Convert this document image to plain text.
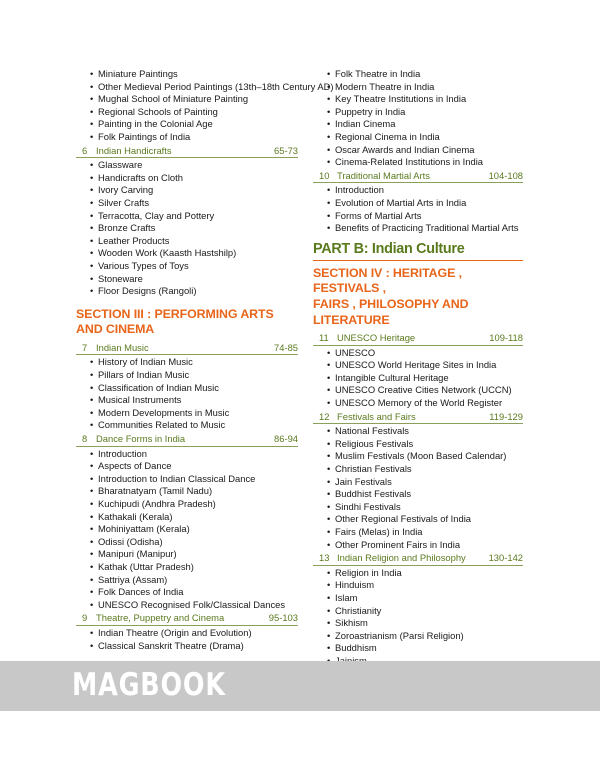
• Miniature Paintings
• Other Medieval Period Paintings (13th–18th Century AD)
• Mughal School of Miniature Painting
• Regional Schools of Painting
• Painting in the Colonial Age
• Folk Paintings of India
6 Indian Handicrafts	65-73
• Glassware
• Handicrafts on Cloth
• Ivory Carving
• Silver Crafts
• Terracotta, Clay and Pottery
• Bronze Crafts
• Leather Products
• Wooden Work (Kaasth Hastshilp)
• Various Types of Toys
• Stoneware
• Floor Designs (Rangoli)
SECTION III : PERFORMING ARTS
AND CINEMA
7 Indian Music	74-85
• History of Indian Music
• Pillars of Indian Music
• Classification of Indian Music
• Musical Instruments
• Modern Developments in Music
• Communities Related to Music
8 Dance Forms in India	86-94
• Introduction
• Aspects of Dance
• Introduction to Indian Classical Dance
• Bharatnatyam (Tamil Nadu)
• Kuchipudi (Andhra Pradesh)
• Kathakali (Kerala)
• Mohiniyattam (Kerala)
• Odissi (Odisha)
• Manipuri (Manipur)
• Kathak (Uttar Pradesh)
• Sattriya (Assam)
• Folk Dances of India
• UNESCO Recognised Folk/Classical Dances
9 Theatre, Puppetry and Cinema	95-103
• Indian Theatre (Origin and Evolution)
• Classical Sanskrit Theatre (Drama)
• Folk Theatre in India
• Modern Theatre in India
• Key Theatre Institutions in India
• Puppetry in India
• Indian Cinema
• Regional Cinema in India
• Oscar Awards and Indian Cinema
• Cinema-Related Institutions in India
10 Traditional Martial Arts	104-108
• Introduction
• Evolution of Martial Arts in India
• Forms of Martial Arts
• Benefits of Practicing Traditional Martial Arts
PART B: Indian Culture
SECTION IV : HERITAGE , FESTIVALS ,
FAIRS , PHILOSOPHY AND LITERATURE
11 UNESCO Heritage	109-118
• UNESCO
• UNESCO World Heritage Sites in India
• Intangible Cultural Heritage
• UNESCO Creative Cities Network (UCCN)
• UNESCO Memory of the World Register
12 Festivals and Fairs	119-129
• National Festivals
• Religious Festivals
• Muslim Festivals (Moon Based Calendar)
• Christian Festivals
• Jain Festivals
• Buddhist Festivals
• Sindhi Festivals
• Other Regional Festivals of India
• Fairs (Melas) in India
• Other Prominent Fairs in India
13 Indian Religion and Philosophy	130-142
• Religion in India
• Hinduism
• Islam
• Christianity
• Sikhism
• Zoroastrianism (Parsi Religion)
• Buddhism
•
•
•
MAGBOOK
